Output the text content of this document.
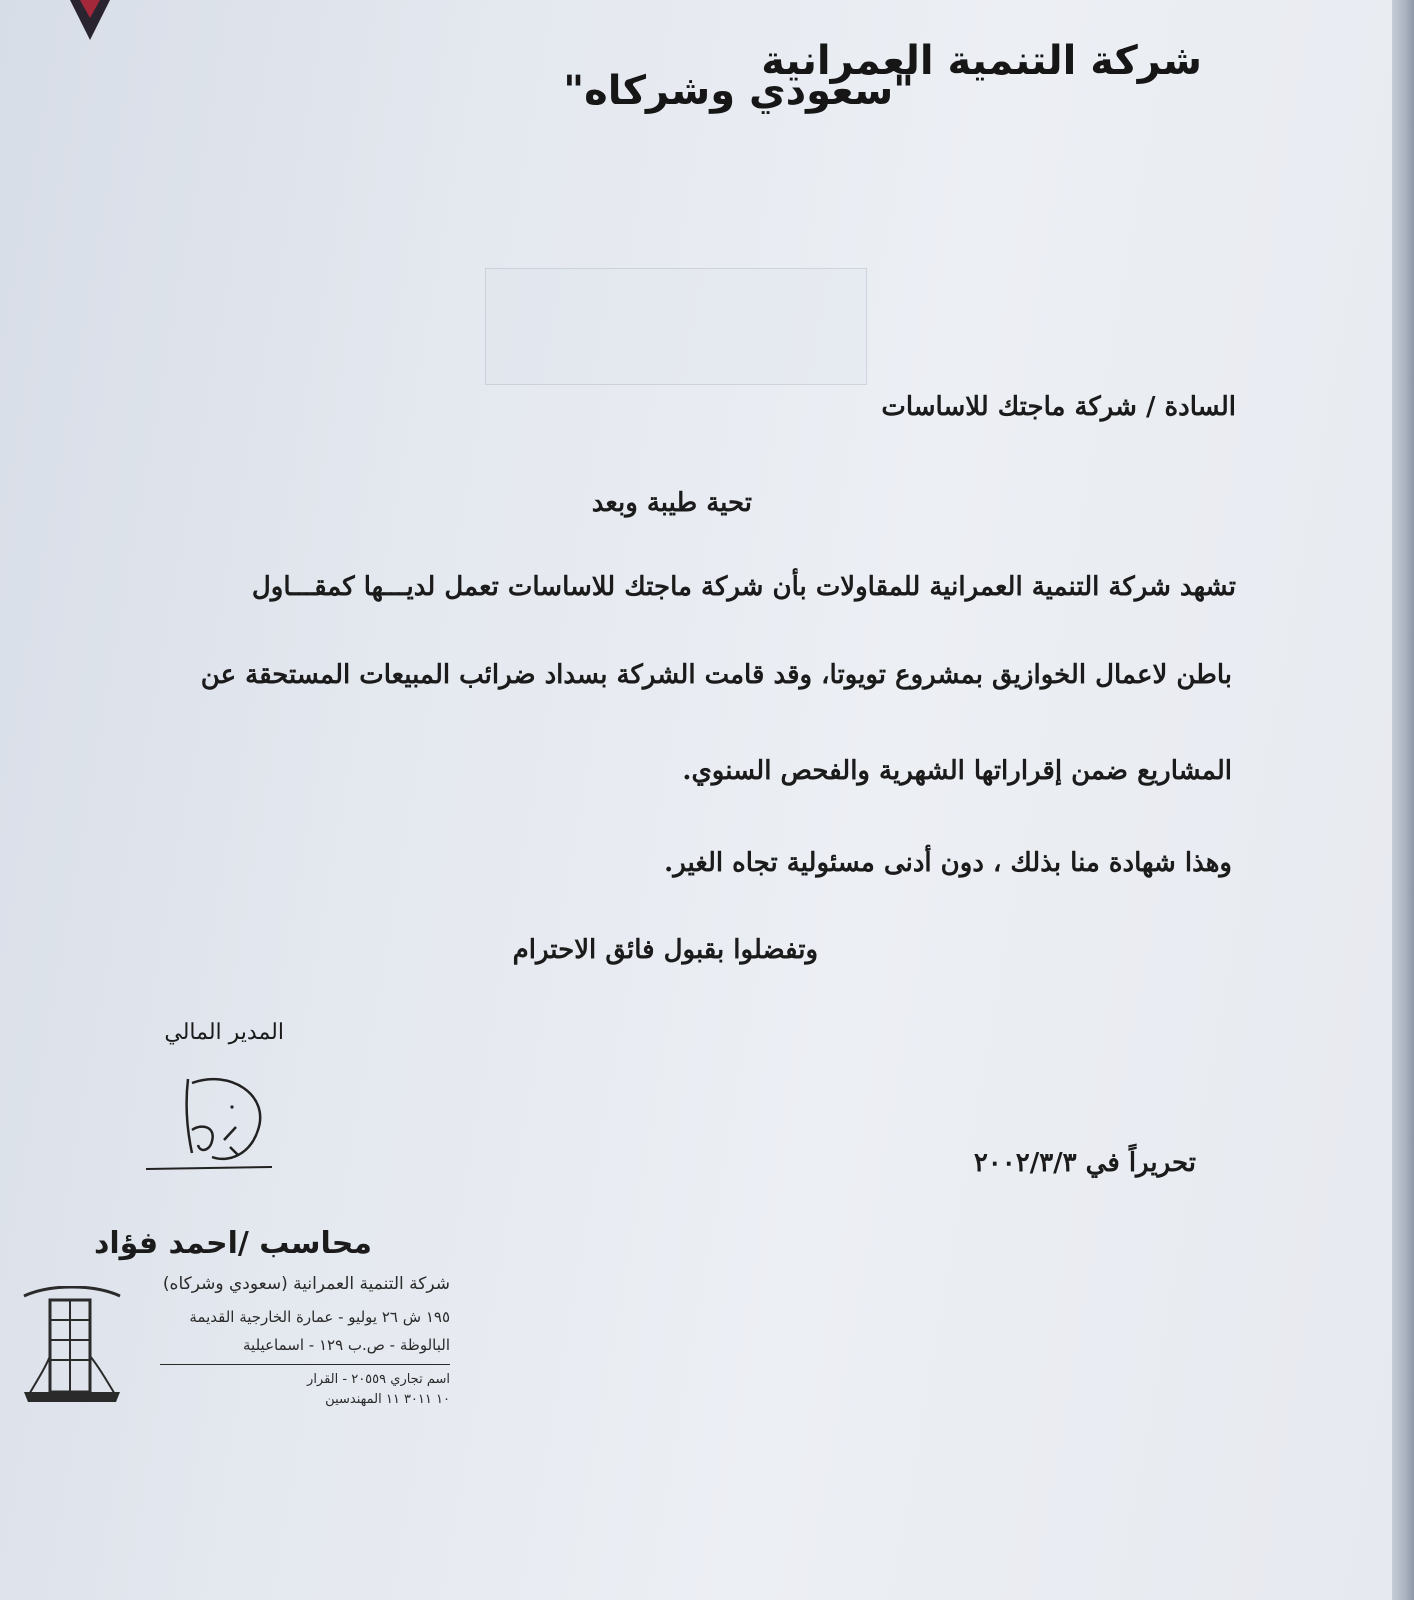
شركة التنمية العمرانية
"سعودي وشركاه"
السادة / شركة ماجتك للاساسات
تحية طيبة وبعد
تشهد شركة التنمية العمرانية للمقاولات بأن شركة ماجتك للاساسات تعمل لديـــها كمقـــاول
باطن لاعمال الخوازيق بمشروع تويوتا، وقد قامت الشركة بسداد ضرائب المبيعات المستحقة عن
المشاريع ضمن إقراراتها الشهرية والفحص السنوي.
وهذا شهادة منا بذلك ، دون أدنى مسئولية تجاه الغير.
وتفضلوا بقبول فائق الاحترام
المدير المالي
تحريراً في ٢٠٠٢/٣/٣
محاسب /احمد فؤاد
شركة التنمية العمرانية (سعودي وشركاه)
١٩٥ ش ٢٦ يوليو - عمارة الخارجية القديمة
البالوظة - ص.ب ١٢٩ - اسماعيلية
اسم تجاري ٢٠٥٥٩ - القرار
١٠ ٣٠١١ ١١ المهندسين
